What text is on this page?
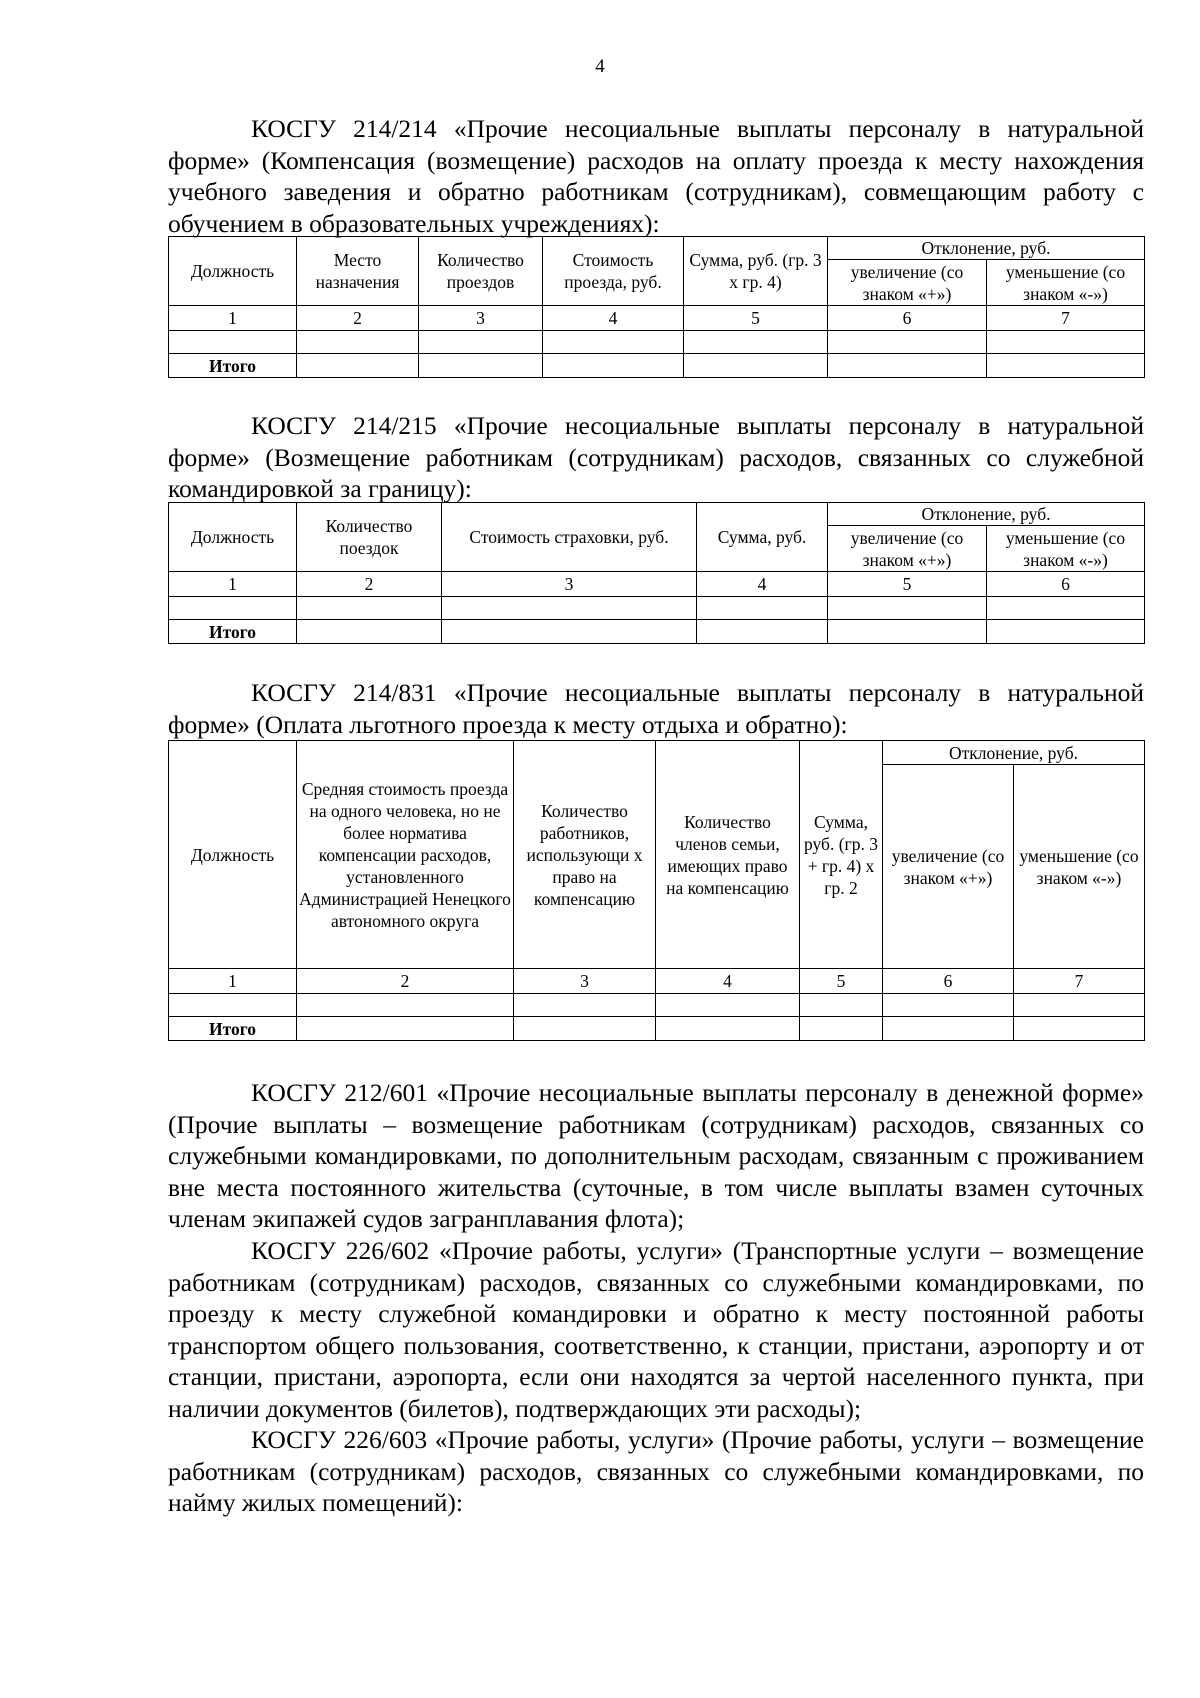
4

КОСГУ 214/214 «Прочие несоциальные выплаты персоналу в натуральной форме» (Компенсация (возмещение) расходов на оплату проезда к месту нахождения учебного заведения и обратно работникам (сотрудникам), совмещающим работу с обучением в образовательных учреждениях):

Должность	Место назначения	Количество проездов	Стоимость проезда, руб.	Сумма, руб. (гр. 3 х гр. 4)	Отклонение, руб.	
					увеличение (со знаком «+»)	уменьшение (со знаком «-»)
1	2	3	4	5	6	7

Итого						

КОСГУ 214/215 «Прочие несоциальные выплаты персоналу в натуральной форме» (Возмещение работникам (сотрудникам) расходов, связанных со служебной командировкой за границу):

Должность	Количество поездок	Стоимость страховки, руб.	Сумма, руб.	Отклонение, руб.	
				увеличение (со знаком «+»)	уменьшение (со знаком «-»)
1	2	3	4	5	6

Итого					

КОСГУ 214/831 «Прочие несоциальные выплаты персоналу в натуральной форме» (Оплата льготного проезда к месту отдыха и обратно):

Должность	Средняя стоимость проезда на одного человека, но не более норматива компенсации расходов, установленного Администрацией Ненецкого автономного округа	Количество работников, использующи х право на компенсацию	Количество членов семьи, имеющих право на компенсацию	Сумма, руб. (гр. 3 + гр. 4) х гр. 2	Отклонение, руб.	
					увеличение (со знаком «+»)	уменьшение (со знаком «-»)
1	2	3	4	5	6	7

Итого						

КОСГУ 212/601 «Прочие несоциальные выплаты персоналу в денежной форме» (Прочие выплаты – возмещение работникам (сотрудникам) расходов, связанных со служебными командировками, по дополнительным расходам, связанным с проживанием вне места постоянного жительства (суточные, в том числе выплаты взамен суточных членам экипажей судов загранплавания флота);

КОСГУ 226/602 «Прочие работы, услуги» (Транспортные услуги – возмещение работникам (сотрудникам) расходов, связанных со служебными командировками, по проезду к месту служебной командировки и обратно к месту постоянной работы транспортом общего пользования, соответственно, к станции, пристани, аэропорту и от станции, пристани, аэропорта, если они находятся за чертой населенного пункта, при наличии документов (билетов), подтверждающих эти расходы);

КОСГУ 226/603 «Прочие работы, услуги» (Прочие работы, услуги – возмещение работникам (сотрудникам) расходов, связанных со служебными командировками, по найму жилых помещений):
